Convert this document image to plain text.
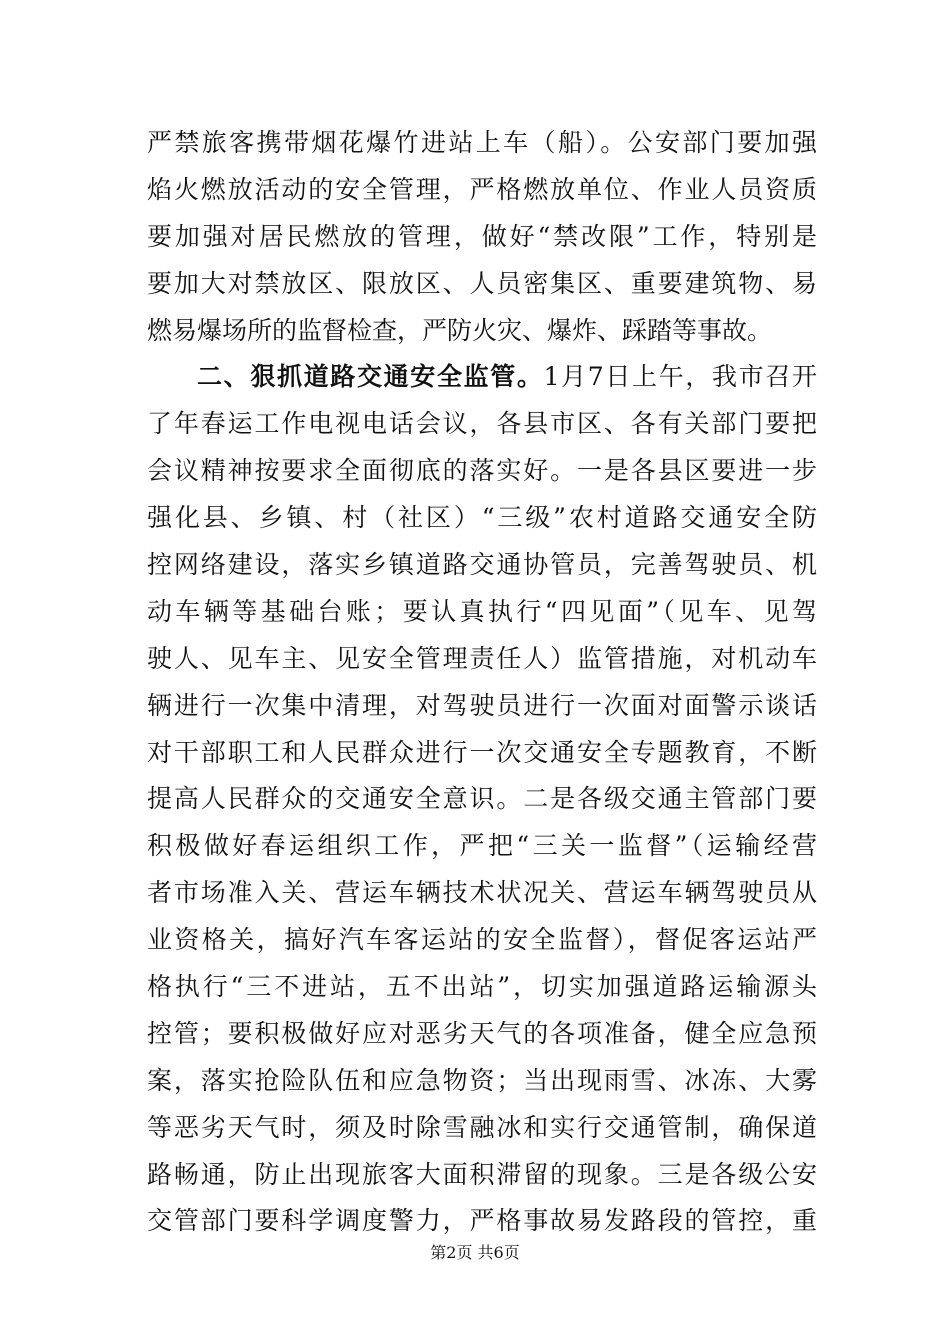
严禁旅客携带烟花爆竹进站上车（船）。公安部门要加强
焰火燃放活动的安全管理，严格燃放单位、作业人员资质
要加强对居民燃放的管理，做好“禁改限”工作，特别是
要加大对禁放区、限放区、人员密集区、重要建筑物、易
燃易爆场所的监督检查，严防火灾、爆炸、踩踏等事故。
二、狠抓道路交通安全监管。1月7日上午，我市召开
了年春运工作电视电话会议，各县市区、各有关部门要把
会议精神按要求全面彻底的落实好。一是各县区要进一步
强化县、乡镇、村（社区）“三级”农村道路交通安全防
控网络建设，落实乡镇道路交通协管员，完善驾驶员、机
动车辆等基础台账；要认真执行“四见面”（见车、见驾
驶人、见车主、见安全管理责任人）监管措施，对机动车
辆进行一次集中清理，对驾驶员进行一次面对面警示谈话
对干部职工和人民群众进行一次交通安全专题教育，不断
提高人民群众的交通安全意识。二是各级交通主管部门要
积极做好春运组织工作，严把“三关一监督”（运输经营
者市场准入关、营运车辆技术状况关、营运车辆驾驶员从
业资格关，搞好汽车客运站的安全监督），督促客运站严
格执行“三不进站，五不出站”，切实加强道路运输源头
控管；要积极做好应对恶劣天气的各项准备，健全应急预
案，落实抢险队伍和应急物资；当出现雨雪、冰冻、大雾
等恶劣天气时，须及时除雪融冰和实行交通管制，确保道
路畅通，防止出现旅客大面积滞留的现象。三是各级公安
交管部门要科学调度警力，严格事故易发路段的管控，重
第2页 共6页
